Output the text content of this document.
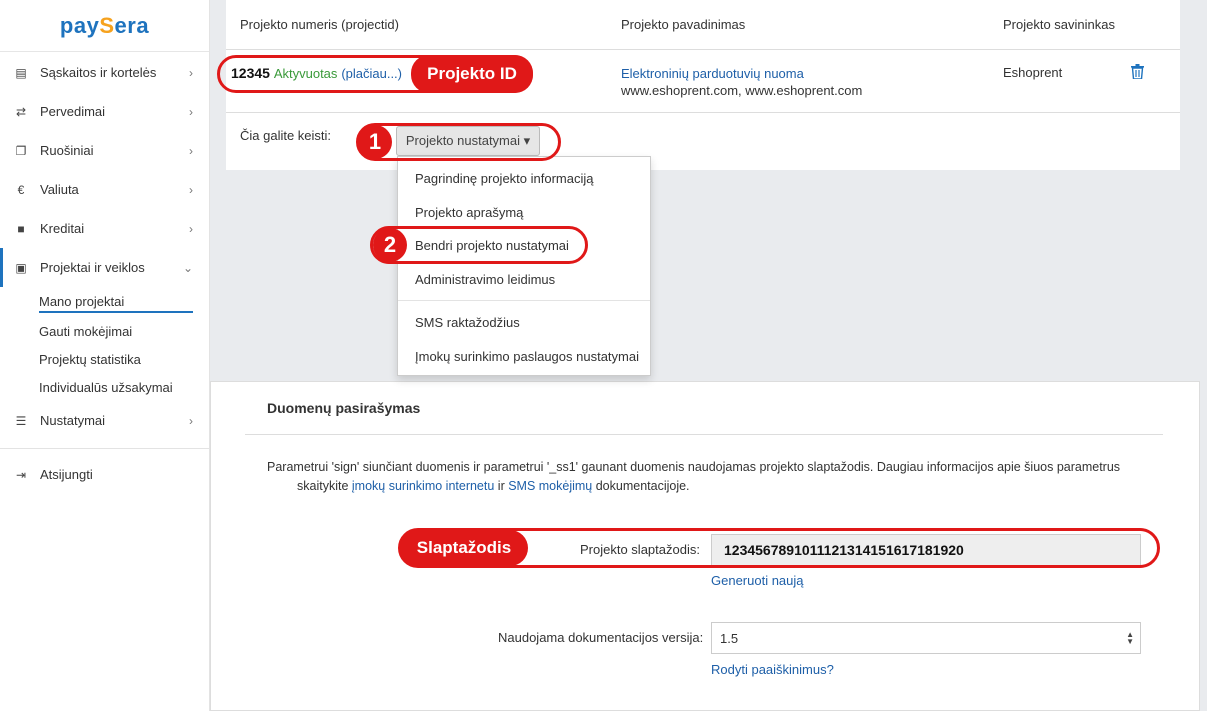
pay S era
▤ Sąskaitos ir kortelės	›
⇄ Pervedimai	›
❐ Ruošiniai	›
€ Valiuta	›
■ Kreditai	›
▣ Projektai ir veiklos	⌄
Mano projektai
Gauti mokėjimai
Projektų statistika
Individualūs užsakymai
☰ Nustatymai	›
⇥ Atsijungti
Projekto numeris (projectid)	Projekto pavadinimas	Projekto savininkas
12345 Aktyvuotas (plačiau...)	Elektroninių parduotuvių nuoma
www.eshoprent.com, www.eshoprent.com
Eshoprent
Čia galite keisti:	Projekto nustatymai ▾
Pagrindinę projekto informaciją
Projekto aprašymą
Bendri projekto nustatymai
Administravimo leidimus
SMS raktažodžius
Įmokų surinkimo paslaugos nustatymai
Duomenų pasirašymas
Parametrui 'sign' siunčiant duomenis ir parametrui '_ss1' gaunant duomenis naudojamas projekto slaptažodis. Daugiau informacijos apie šiuos parametrus
skaitykite įmokų surinkimo internetu ir SMS mokėjimų dokumentacijoje.
Projekto slaptažodis:	1234567891011121314151617181920
Generuoti naują
Naudojama dokumentacijos versija: 1.5	▲
▼
Rodyti paaiškinimus?
Projekto ID
1
2
Slaptažodis
